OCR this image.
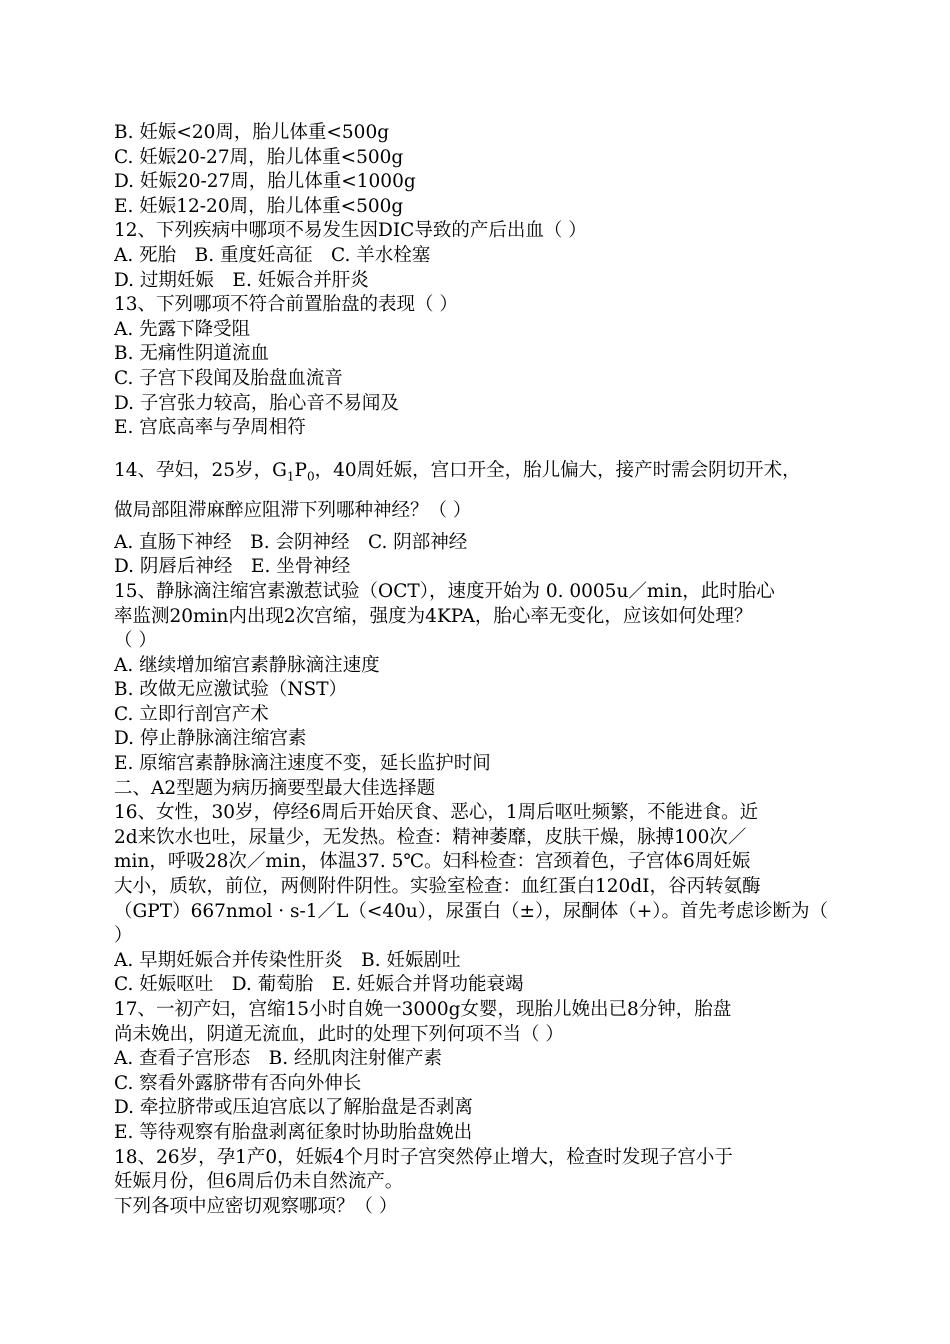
B. 妊娠<20周，胎儿体重<500g
C. 妊娠20-27周，胎儿体重<500g
D. 妊娠20-27周，胎儿体重<1000g
E. 妊娠12-20周，胎儿体重<500g
12、下列疾病中哪项不易发生因DIC导致的产后出血（ ）
A. 死胎　B. 重度妊高征　C. 羊水栓塞
D. 过期妊娠　E. 妊娠合并肝炎
13、下列哪项不符合前置胎盘的表现（ ）
A. 先露下降受阻
B. 无痛性阴道流血
C. 子宫下段闻及胎盘血流音
D. 子宫张力较高，胎心音不易闻及
E. 宫底高率与孕周相符
14、孕妇，25岁，$G_1P_0$，40周妊娠，宫口开全，胎儿偏大，接产时需会阴切开术，
做局部阻滞麻醉应阻滞下列哪种神经？（ ）
A. 直肠下神经　B. 会阴神经　C. 阴部神经
D. 阴唇后神经　E. 坐骨神经
15、静脉滴注缩宫素激惹试验（OCT），速度开始为 0. 0005u／min，此时胎心
率监测20min内出现2次宫缩，强度为4KPA，胎心率无变化，应该如何处理？
（ ）
A. 继续增加缩宫素静脉滴注速度
B. 改做无应激试验（NST）
C. 立即行剖宫产术
D. 停止静脉滴注缩宫素
E. 原缩宫素静脉滴注速度不变，延长监护时间
二、A2型题为病历摘要型最大佳选择题
16、女性，30岁，停经6周后开始厌食、恶心，1周后呕吐频繁，不能进食。近
2d来饮水也吐，尿量少，无发热。检查：精神萎靡，皮肤干燥，脉搏100次／
min，呼吸28次／min，体温37. 5℃。妇科检查：宫颈着色，子宫体6周妊娠
大小，质软，前位，两侧附件阴性。实验室检查：血红蛋白120dI，谷丙转氨酶
（GPT）667nmol · s-1／L（<40u），尿蛋白（±），尿酮体（+）。首先考虑诊断为（
）
A. 早期妊娠合并传染性肝炎　B. 妊娠剧吐
C. 妊娠呕吐　D. 葡萄胎　E. 妊娠合并肾功能衰竭
17、一初产妇，宫缩15小时自娩一3000g女婴，现胎儿娩出已8分钟，胎盘
尚未娩出，阴道无流血，此时的处理下列何项不当（ ）
A. 查看子宫形态　B. 经肌肉注射催产素
C. 察看外露脐带有否向外伸长
D. 牵拉脐带或压迫宫底以了解胎盘是否剥离
E. 等待观察有胎盘剥离征象时协助胎盘娩出
18、26岁，孕1产0，妊娠4个月时子宫突然停止增大，检查时发现子宫小于
妊娠月份，但6周后仍未自然流产。
下列各项中应密切观察哪项？（ ）
